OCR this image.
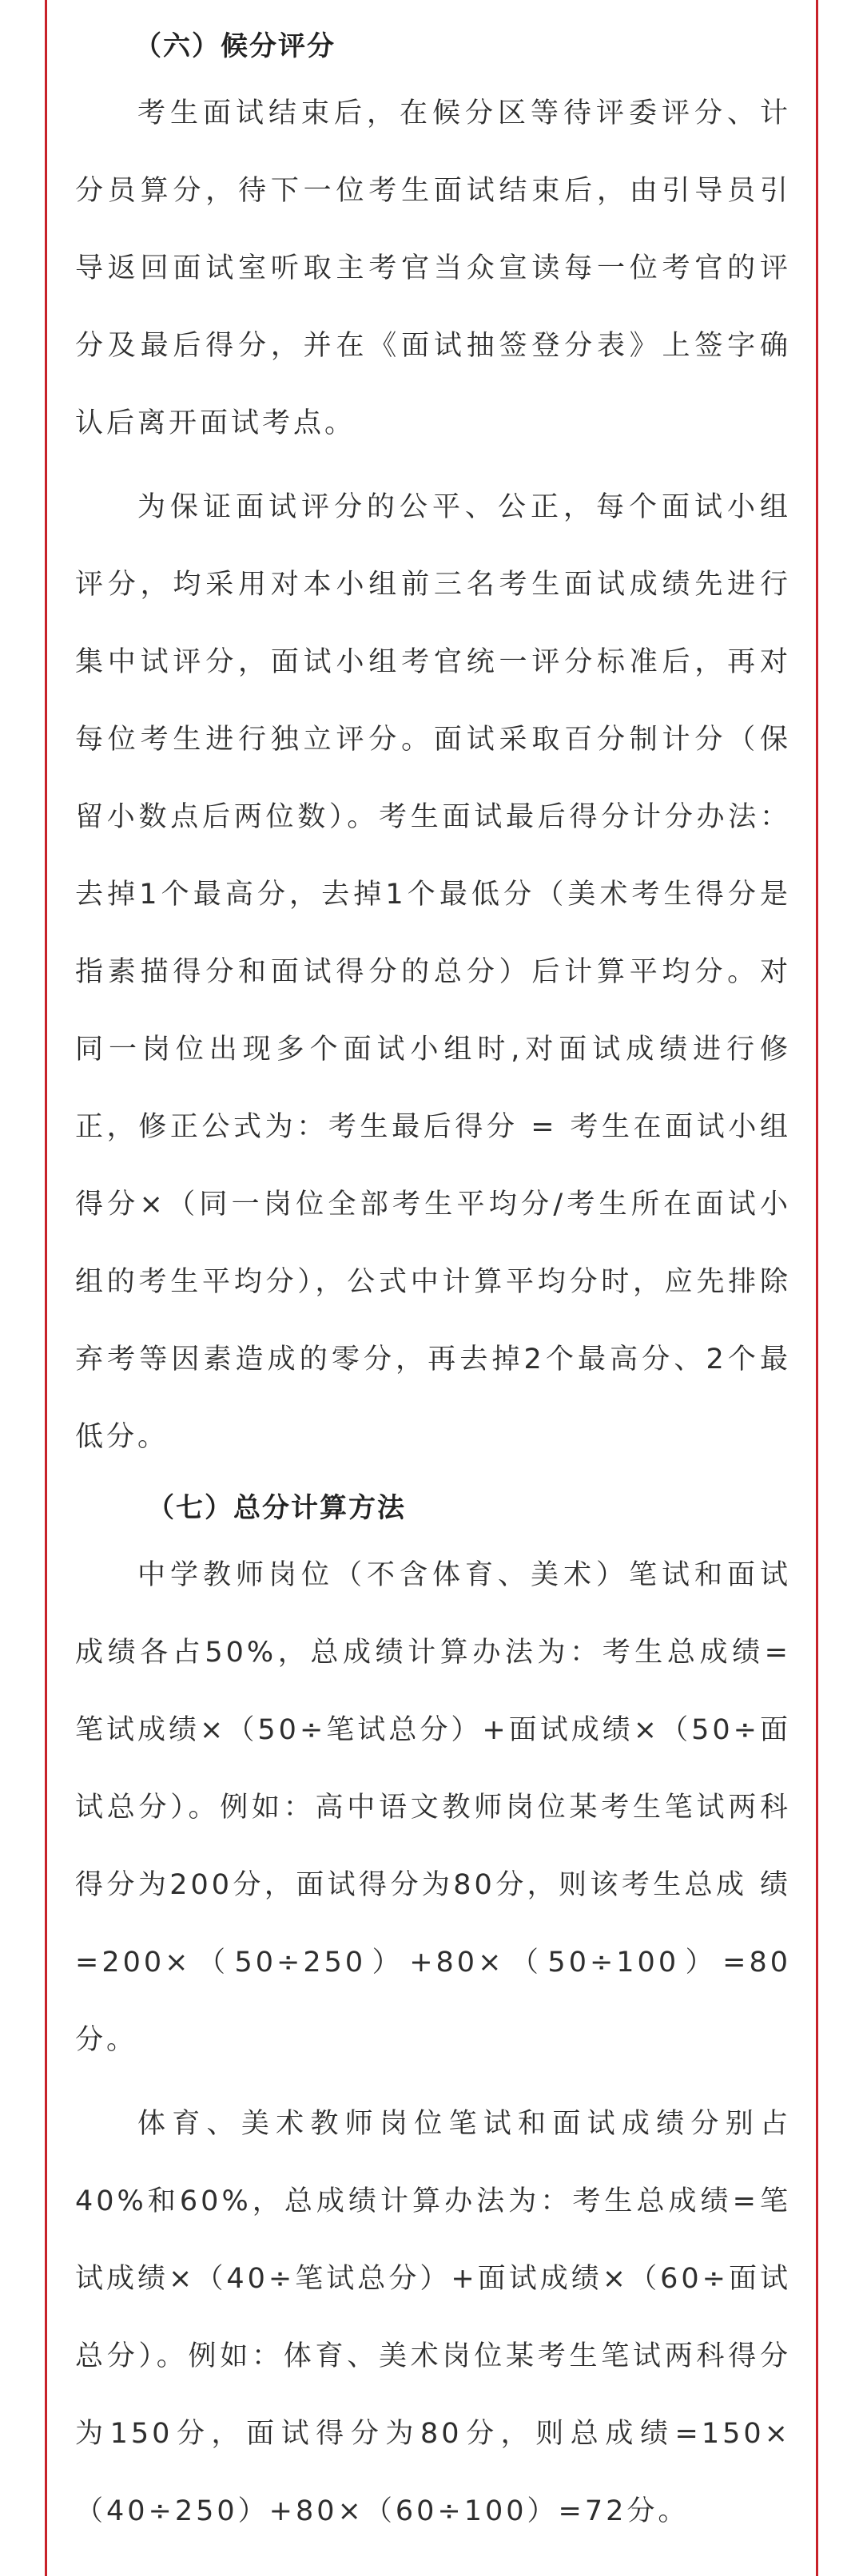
（六）候分评分

考生面试结束后，在候分区等待评委评分、计分员算分，待下一位考生面试结束后，由引导员引导返回面试室听取主考官当众宣读每一位考官的评分及最后得分，并在《面试抽签登分表》上签字确认后离开面试考点。

为保证面试评分的公平、公正，每个面试小组评分，均采用对本小组前三名考生面试成绩先进行集中试评分，面试小组考官统一评分标准后，再对每位考生进行独立评分。面试采取百分制计分（保留小数点后两位数）。考生面试最后得分计分办法：去掉1个最高分，去掉1个最低分（美术考生得分是指素描得分和面试得分的总分）后计算平均分。对同一岗位出现多个面试小组时,对面试成绩进行修正，修正公式为：考生最后得分 = 考生在面试小组得分×（同一岗位全部考生平均分/考生所在面试小组的考生平均分），公式中计算平均分时，应先排除弃考等因素造成的零分，再去掉2个最高分、2个最低分。

（七）总分计算方法

中学教师岗位（不含体育、美术）笔试和面试成绩各占50%，总成绩计算办法为：考生总成绩=笔试成绩×（50÷笔试总分）+面试成绩×（50÷面试总分）。例如：高中语文教师岗位某考生笔试两科得分为200分，面试得分为80分，则该考生总成 绩 =200×（50÷250）+80×（50÷100）=80分。

体育、美术教师岗位笔试和面试成绩分别占40%和60%，总成绩计算办法为：考生总成绩=笔试成绩×（40÷笔试总分）+面试成绩×（60÷面试总分）。例如：体育、美术岗位某考生笔试两科得分为150分，面试得分为80分，则总成绩=150×（40÷250）+80×（60÷100）=72分。
